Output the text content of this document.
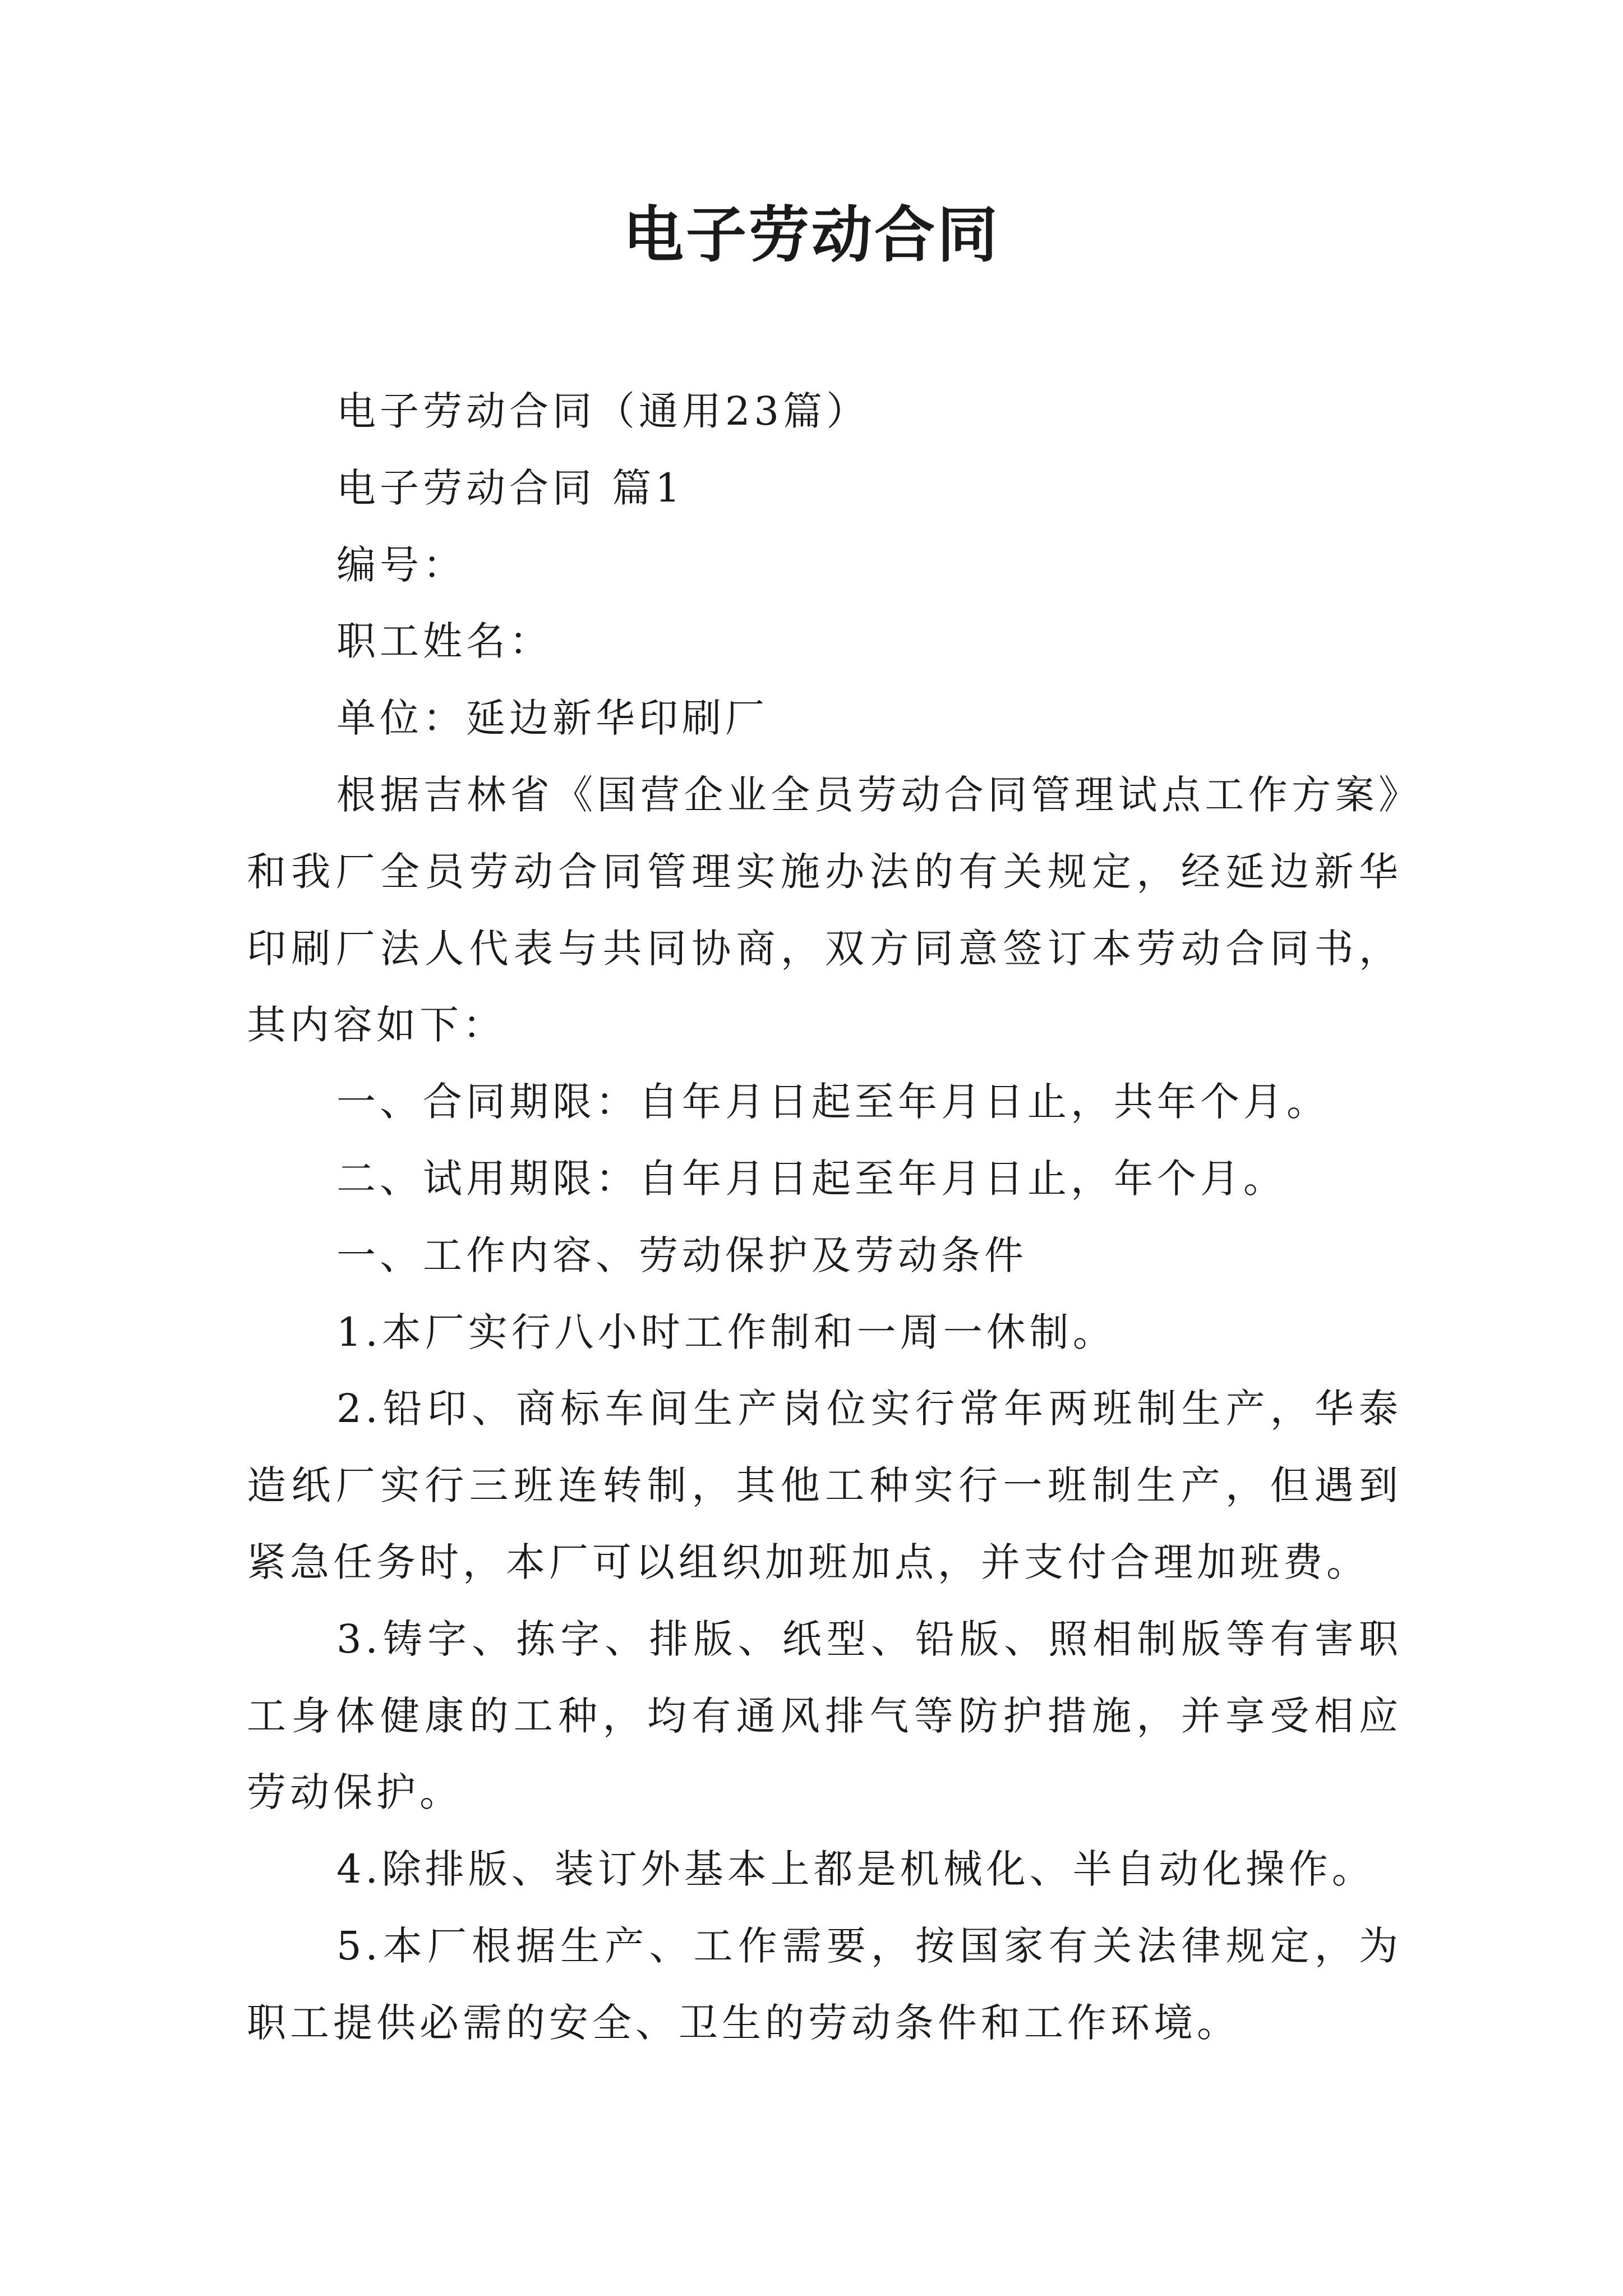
电子劳动合同

电子劳动合同（通用23篇）

电子劳动合同 篇1

编号：

职工姓名：

单位：延边新华印刷厂

根据吉林省《国营企业全员劳动合同管理试点工作方案》和我厂全员劳动合同管理实施办法的有关规定，经延边新华印刷厂法人代表与共同协商，双方同意签订本劳动合同书，其内容如下：

一、合同期限：自年月日起至年月日止，共年个月。

二、试用期限：自年月日起至年月日止，年个月。

一、工作内容、劳动保护及劳动条件

1.本厂实行八小时工作制和一周一休制。

2.铅印、商标车间生产岗位实行常年两班制生产，华泰造纸厂实行三班连转制，其他工种实行一班制生产，但遇到紧急任务时，本厂可以组织加班加点，并支付合理加班费。

3.铸字、拣字、排版、纸型、铅版、照相制版等有害职工身体健康的工种，均有通风排气等防护措施，并享受相应劳动保护。

4.除排版、装订外基本上都是机械化、半自动化操作。

5.本厂根据生产、工作需要，按国家有关法律规定，为职工提供必需的安全、卫生的劳动条件和工作环境。
